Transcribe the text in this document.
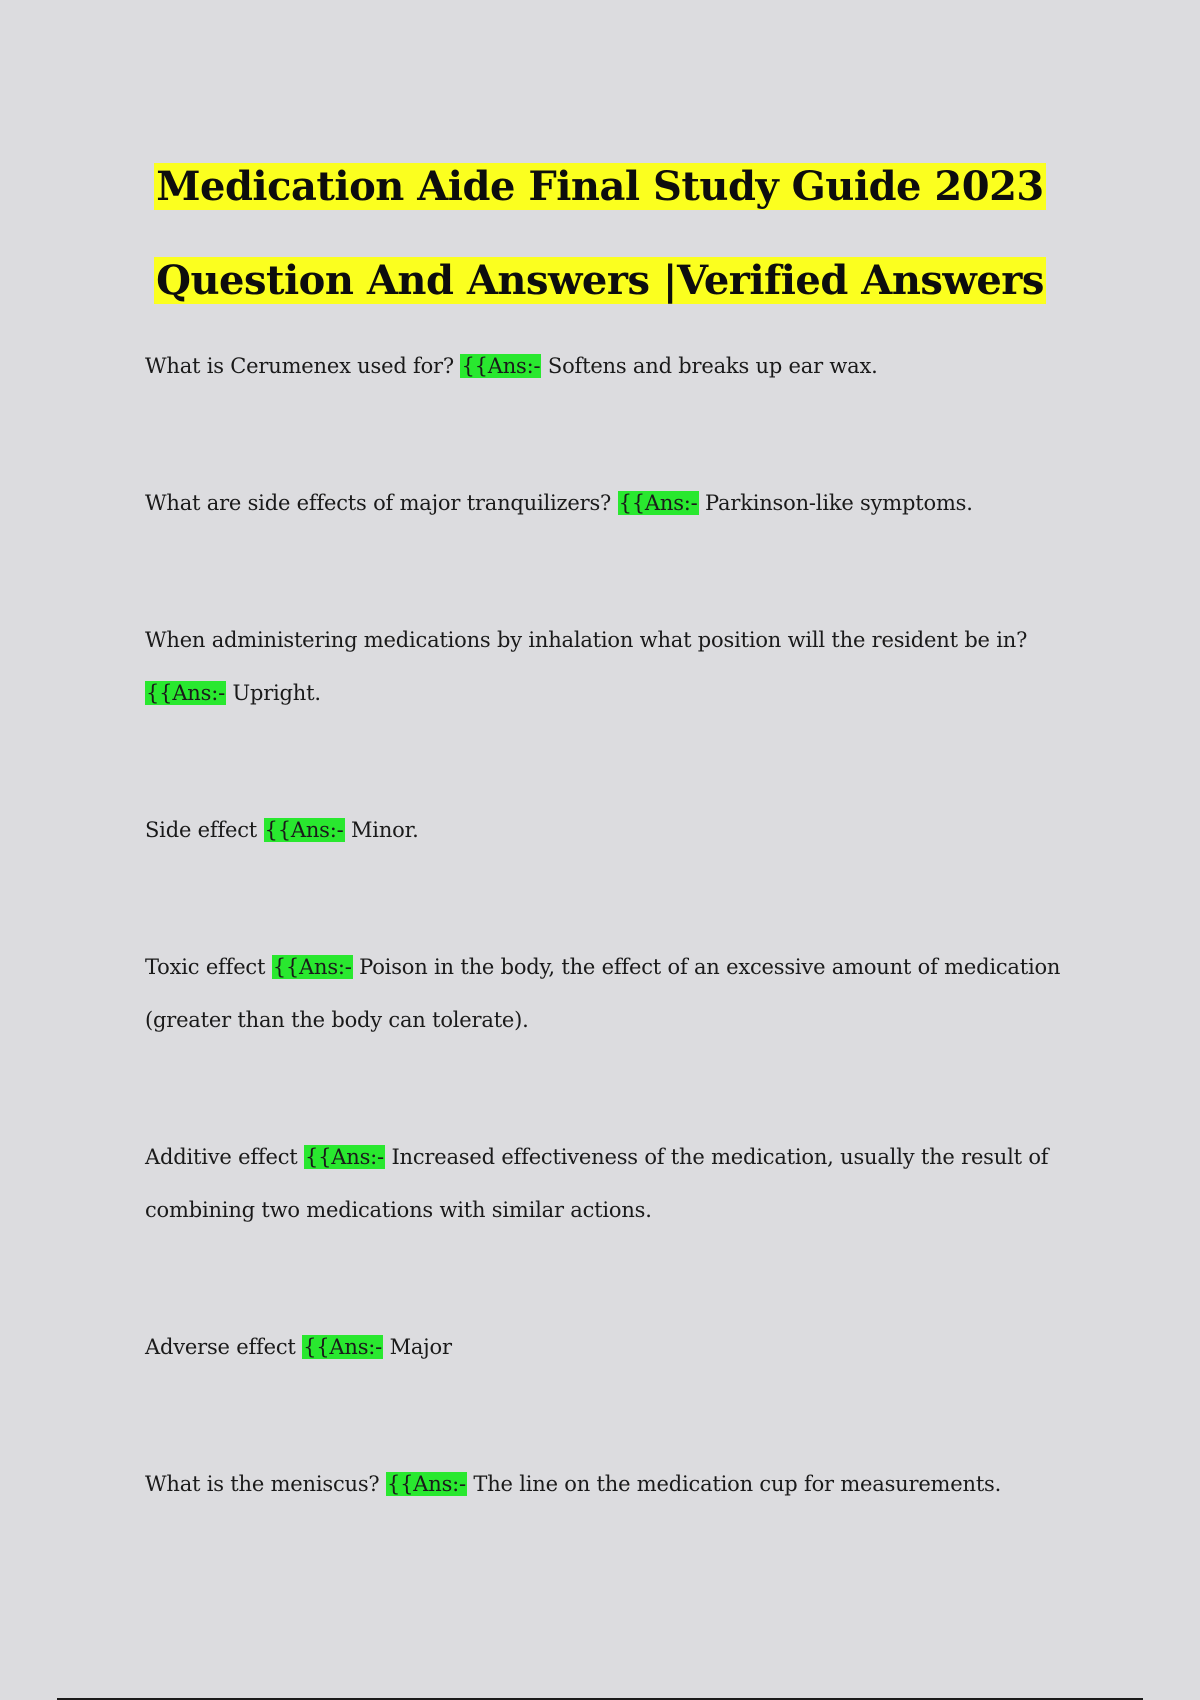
Medication Aide Final Study Guide 2023
Question And Answers |Verified Answers
What is Cerumenex used for? {{Ans:- Softens and breaks up ear wax.
What are side effects of major tranquilizers? {{Ans:- Parkinson-like symptoms.
When administering medications by inhalation what position will the resident be in? {{Ans:- Upright.
Side effect {{Ans:- Minor.
Toxic effect {{Ans:- Poison in the body, the effect of an excessive amount of medication (greater than the body can tolerate).
Additive effect {{Ans:- Increased effectiveness of the medication, usually the result of combining two medications with similar actions.
Adverse effect {{Ans:- Major
What is the meniscus? {{Ans:- The line on the medication cup for measurements.
